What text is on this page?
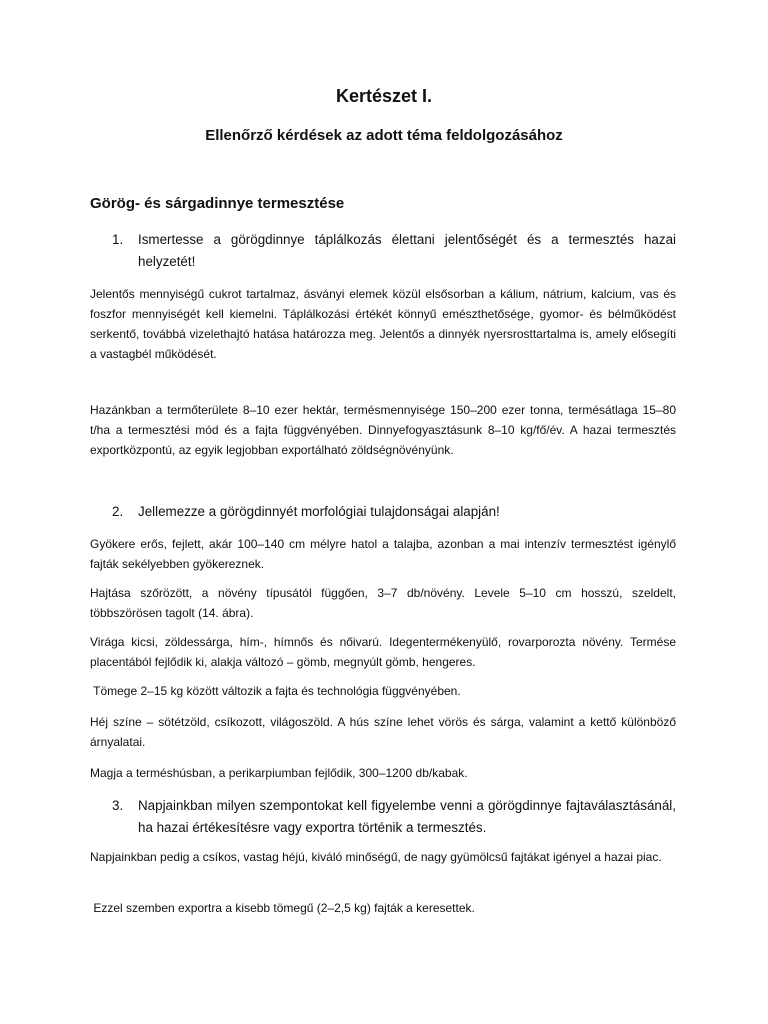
Kertészet I.
Ellenőrző kérdések az adott téma feldolgozásához
Görög- és sárgadinnye termesztése
1. Ismertesse a görögdinnye táplálkozás élettani jelentőségét és a termesztés hazai helyzetét!
Jelentős mennyiségű cukrot tartalmaz, ásványi elemek közül elsősorban a kálium, nátrium, kalcium, vas és foszfor mennyiségét kell kiemelni. Táplálkozási értékét könnyű emészthetősége, gyomor- és bélműködést serkentő, továbbá vizelethajtó hatása határozza meg. Jelentős a dinnyék nyersrosttartalma is, amely elősegíti a vastagbél működését.
Hazánkban a termőterülete 8–10 ezer hektár, termésmennyisége 150–200 ezer tonna, termésátlaga 15–80 t/ha a termesztési mód és a fajta függvényében. Dinnyefogyasztásunk 8–10 kg/fő/év. A hazai termesztés exportközpontú, az egyik legjobban exportálható zöldségnövényünk.
2. Jellemezze a görögdinnyét morfológiai tulajdonságai alapján!
Gyökere erős, fejlett, akár 100–140 cm mélyre hatol a talajba, azonban a mai intenzív termesztést igénylő fajták sekélyebben gyökereznek.
Hajtása szőrözött, a növény típusától függően, 3–7 db/növény. Levele 5–10 cm hosszú, szeldelt, többszörösen tagolt (14. ábra).
Virága kicsi, zöldessárga, hím-, hímnős és nőivarú. Idegentermékenyülő, rovarporozta növény. Termése placentából fejlődik ki, alakja változó – gömb, megnyúlt gömb, hengeres.
Tömege 2–15 kg között változik a fajta és technológia függvényében.
Héj színe – sötétzöld, csíkozott, világoszöld. A hús színe lehet vörös és sárga, valamint a kettő különböző árnyalatai.
Magja a terméshúsban, a perikarpiumban fejlődik, 300–1200 db/kabak.
3. Napjainkban milyen szempontokat kell figyelembe venni a görögdinnye fajtaválasztásánál, ha hazai értékesítésre vagy exportra történik a termesztés.
Napjainkban pedig a csíkos, vastag héjú, kiváló minőségű, de nagy gyümölcsű fajtákat igényel a hazai piac.
Ezzel szemben exportra a kisebb tömegű (2–2,5 kg) fajták a keresettek.
